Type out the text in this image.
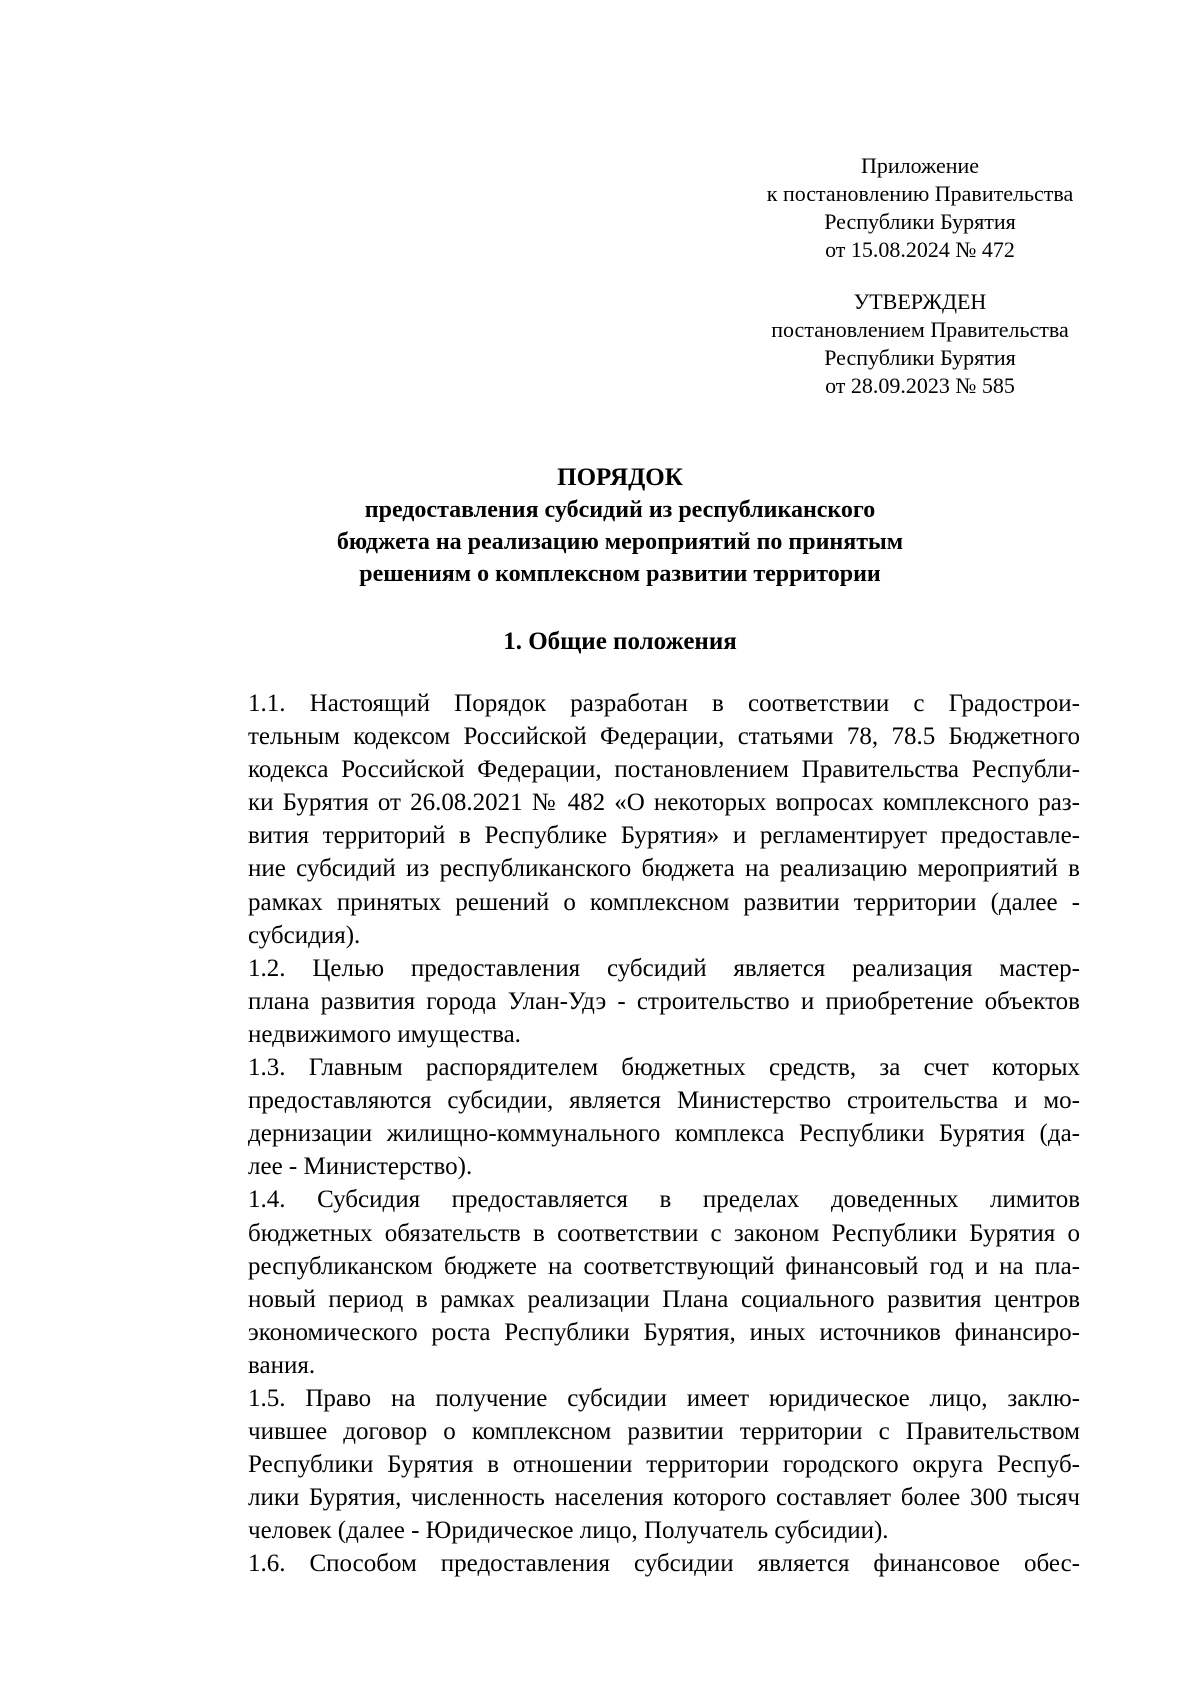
Приложение
к постановлению Правительства
Республики Бурятия
от 15.08.2024 № 472
УТВЕРЖДЕН
постановлением Правительства
Республики Бурятия
от 28.09.2023 № 585
ПОРЯДОК
предоставления субсидий из республиканского
бюджета на реализацию мероприятий по принятым
решениям о комплексном развитии территории
1. Общие положения

1.1. Настоящий Порядок разработан в соответствии с Градострои-
тельным кодексом Российской Федерации, статьями 78, 78.5 Бюджетного
кодекса Российской Федерации, постановлением Правительства Республи-
ки Бурятия от 26.08.2021 № 482 «О некоторых вопросах комплексного раз-
вития территорий в Республике Бурятия» и регламентирует предоставле-
ние субсидий из республиканского бюджета на реализацию мероприятий в
рамках принятых решений о комплексном развитии территории (далее -
субсидия).

1.2. Целью предоставления субсидий является реализация мастер-
плана развития города Улан-Удэ - строительство и приобретение объектов
недвижимого имущества.

1.3. Главным распорядителем бюджетных средств, за счет которых
предоставляются субсидии, является Министерство строительства и мо-
дернизации жилищно-коммунального комплекса Республики Бурятия (да-
лее - Министерство).

1.4. Субсидия предоставляется в пределах доведенных лимитов
бюджетных обязательств в соответствии с законом Республики Бурятия о
республиканском бюджете на соответствующий финансовый год и на пла-
новый период в рамках реализации Плана социального развития центров
экономического роста Республики Бурятия, иных источников финансиро-
вания.

1.5. Право на получение субсидии имеет юридическое лицо, заклю-
чившее договор о комплексном развитии территории с Правительством
Республики Бурятия в отношении территории городского округа Респуб-
лики Бурятия, численность населения которого составляет более 300 тысяч
человек (далее - Юридическое лицо, Получатель субсидии).

1.6. Способом предоставления субсидии является финансовое обес-
